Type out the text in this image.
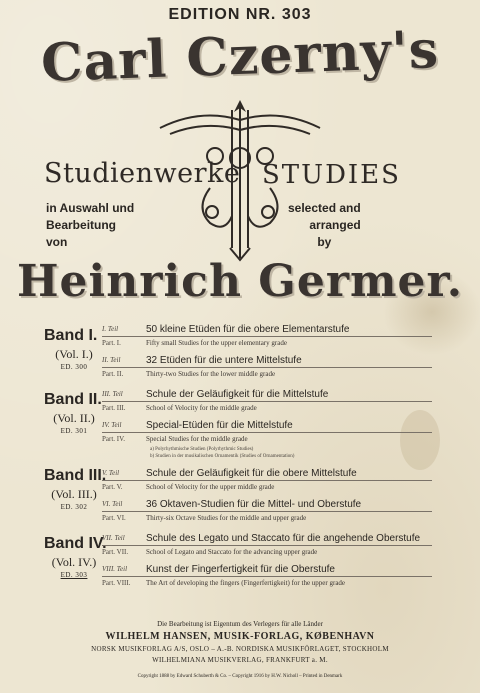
EDITION NR. 303
Carl Czerny's
Studienwerke STUDIES
in Auswahl und
Bearbeitung
von
selected and
arranged
by
Heinrich Germer.
Band I.
(Vol. I.)
ED. 300
I. Teil	50 kleine Etüden für die obere Elementarstufe
Part. I.	Fifty small Studies for the upper elementary grade
II. Teil	32 Etüden für die untere Mittelstufe
Part. II.	Thirty-two Studies for the lower middle grade
Band II.
(Vol. II.)
ED. 301
III. Teil	Schule der Geläufigkeit für die Mittelstufe
Part. III.	School of Velocity for the middle grade
IV. Teil	Special-Etüden für die Mittelstufe
Part. IV.	Special Studies for the middle grade
a) Polyrhythmische Studien (Polyrhythmic Studies)
b) Studien in der musikalischen Ornamentik (Studies of Ornamentation)
Band III.
(Vol. III.)
ED. 302
V. Teil	Schule der Geläufigkeit für die obere Mittelstufe
Part. V.	School of Velocity for the upper middle grade
VI. Teil	36 Oktaven-Studien für die Mittel- und Oberstufe
Part. VI.	Thirty-six Octave Studies for the middle and upper grade
Band IV.
(Vol. IV.)
ED. 303
VII. Teil	Schule des Legato und Staccato für die angehende Oberstufe
Part. VII.	School of Legato and Staccato for the advancing upper grade
VIII. Teil	Kunst der Fingerfertigkeit für die Oberstufe
Part. VIII.	The Art of developing the fingers (Fingerfertigkeit) for the upper grade
Die Bearbeitung ist Eigentum des Verlegers für alle Länder
WILHELM HANSEN, MUSIK-FORLAG, KØBENHAVN
NORSK MUSIKFORLAG A/S, OSLO – A.-B. NORDISKA MUSIKFÖRLAGET, STOCKHOLM
WILHELMIANA MUSIKVERLAG, FRANKFURT a. M.
Copyright 1888 by Edward Schuberth & Co. – Copyright 1916 by H.W. Nicholl – Printed in Denmark
